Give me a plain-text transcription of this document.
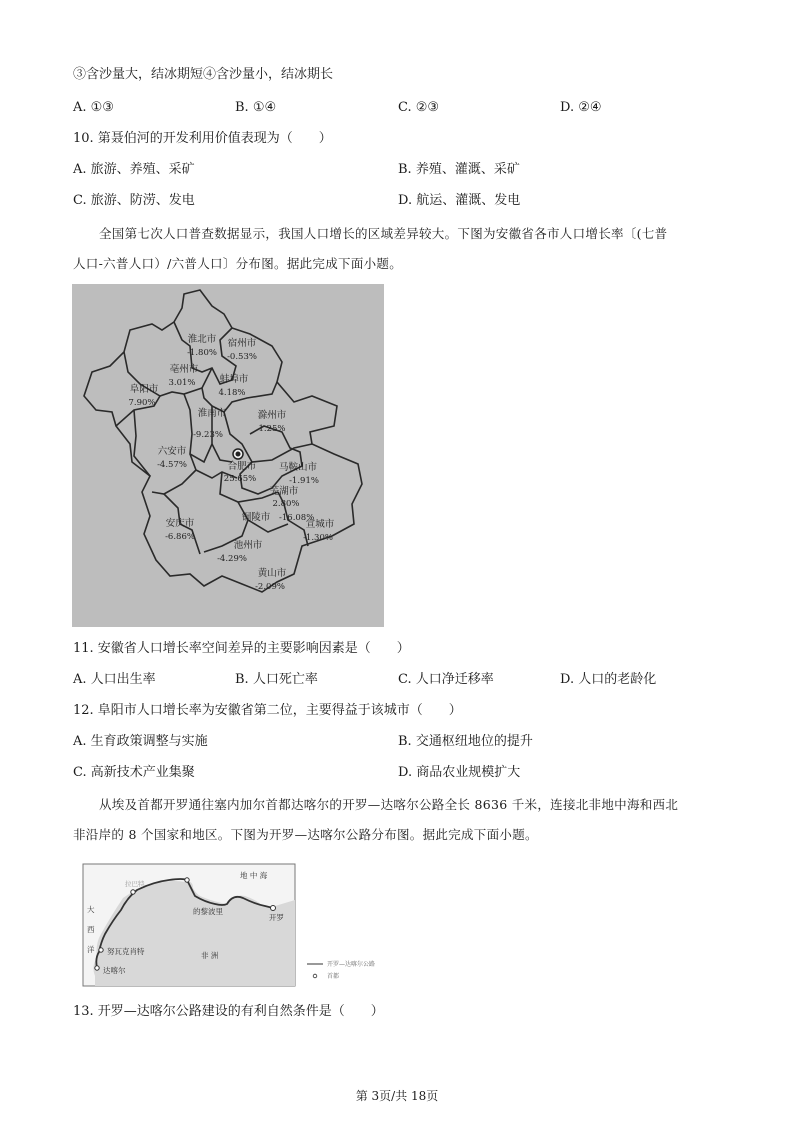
③含沙量大，结冰期短④含沙量小，结冰期长
A. ①③	B. ①④	C. ②③	D. ②④
10. 第聂伯河的开发利用价值表现为（　　）
A. 旅游、养殖、采矿	B. 养殖、灌溉、采矿
C. 旅游、防涝、发电	D. 航运、灌溉、发电
全国第七次人口普查数据显示，我国人口增长的区域差异较大。下图为安徽省各市人口增长率〔(七普
人口-六普人口）/六普人口〕分布图。据此完成下面小题。
淮北市
-1.80%
宿州市
-0.53%
亳州市
3.01%	蚌埠市
4.18%
阜阳市
7.90%
淮南市
-9.23%
滁州市
1.25%
六安市
-4.57%	合肥市
25.65%
马鞍山市
-1.91%
芜湖市
2.80%
铜陵市 -16.08%
安庆市
-6.86%
宣城市
-1.30%
池州市
-4.29%
黄山市
-2.09%
11. 安徽省人口增长率空间差异的主要影响因素是（　　）
A. 人口出生率	B. 人口死亡率	C. 人口净迁移率	D. 人口的老龄化
12. 阜阳市人口增长率为安徽省第二位，主要得益于该城市（　　）
A. 生育政策调整与实施	B. 交通枢纽地位的提升
C. 高新技术产业集聚	D. 商品农业规模扩大
从埃及首都开罗通往塞内加尔首都达喀尔的开罗—达喀尔公路全长 8636 千米，连接北非地中海和西北
非沿岸的 8 个国家和地区。下图为开罗—达喀尔公路分布图。据此完成下面小题。
地 中 海
拉巴特
的黎波里
开罗
努瓦克肖特
达喀尔
非 洲
大
西
洋
开罗—达喀尔公路
首都
13. 开罗—达喀尔公路建设的有利自然条件是（　　）
第 3页/共 18页
